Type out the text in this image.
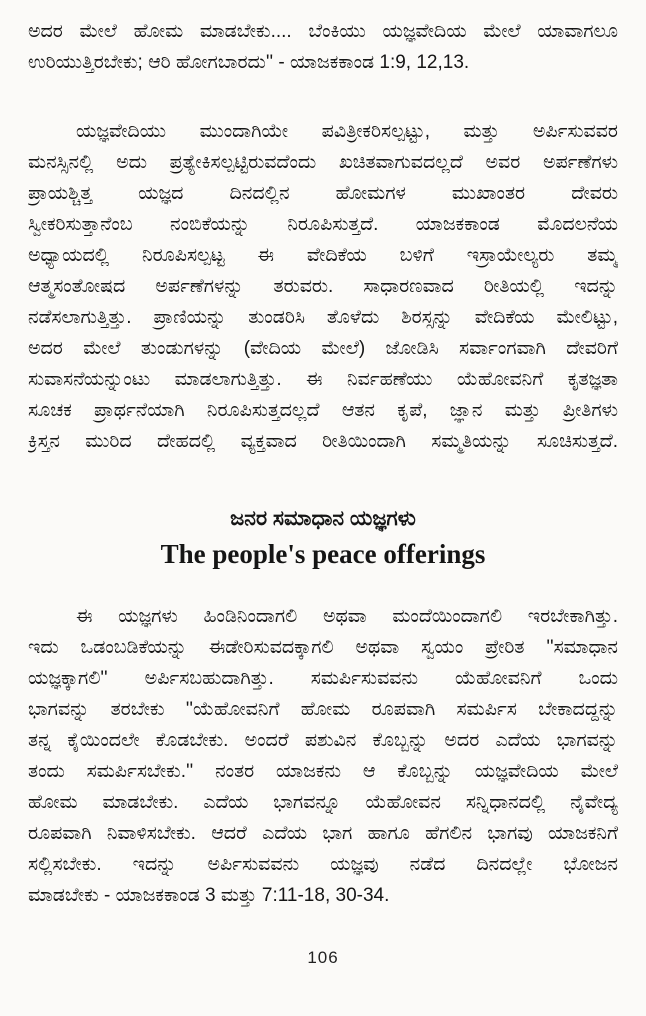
ಅದರ ಮೇಲೆ ಹೋಮ ಮಾಡಬೇಕು.... ಬೆಂಕಿಯು ಯಜ್ಞವೇದಿಯ ಮೇಲೆ ಯಾವಾಗಲೂ
ಉರಿಯುತ್ತಿರಬೇಕು; ಆರಿ ಹೋಗಬಾರದು'' - ಯಾಜಕಕಾಂಡ 1:9, 12,13.
ಯಜ್ಞವೇದಿಯು ಮುಂದಾಗಿಯೇ ಪವಿತ್ರೀಕರಿಸಲ್ಪಟ್ಟು, ಮತ್ತು ಅರ್ಪಿಸುವವರ
ಮನಸ್ಸಿನಲ್ಲಿ ಅದು ಪ್ರತ್ಯೇಕಿಸಲ್ಪಟ್ಟಿರುವದೆಂದು ಖಚಿತವಾಗುವದಲ್ಲದೆ ಅವರ ಅರ್ಪಣೆಗಳು
ಪ್ರಾಯಶ್ಚಿತ್ತ ಯಜ್ಞದ ದಿನದಲ್ಲಿನ ಹೋಮಗಳ ಮುಖಾಂತರ ದೇವರು
ಸ್ವೀಕರಿಸುತ್ತಾನೆಂಬ ನಂಬಿಕೆಯನ್ನು ನಿರೂಪಿಸುತ್ತದೆ. ಯಾಜಕಕಾಂಡ ಮೊದಲನೆಯ
ಅಧ್ಯಾಯದಲ್ಲಿ ನಿರೂಪಿಸಲ್ಪಟ್ಟ ಈ ವೇದಿಕೆಯ ಬಳಿಗೆ ಇಸ್ರಾಯೇಲ್ಯರು ತಮ್ಮ
ಆತ್ಮಸಂತೋಷದ ಅರ್ಪಣೆಗಳನ್ನು ತರುವರು. ಸಾಧಾರಣವಾದ ರೀತಿಯಲ್ಲಿ ಇದನ್ನು
ನಡೆಸಲಾಗುತ್ತಿತ್ತು. ಪ್ರಾಣಿಯನ್ನು ತುಂಡರಿಸಿ ತೊಳೆದು ಶಿರಸ್ಸನ್ನು ವೇದಿಕೆಯ ಮೇಲಿಟ್ಟು,
ಅದರ ಮೇಲೆ ತುಂಡುಗಳನ್ನು (ವೇದಿಯ ಮೇಲೆ) ಜೋಡಿಸಿ ಸರ್ವಾಂಗವಾಗಿ ದೇವರಿಗೆ
ಸುವಾಸನೆಯನ್ನುಂಟು ಮಾಡಲಾಗುತ್ತಿತ್ತು. ಈ ನಿರ್ವಹಣೆಯು ಯೆಹೋವನಿಗೆ ಕೃತಜ್ಞತಾ
ಸೂಚಕ ಪ್ರಾರ್ಥನೆಯಾಗಿ ನಿರೂಪಿಸುತ್ತದಲ್ಲದೆ ಆತನ ಕೃಪೆ, ಜ್ಞಾನ ಮತ್ತು ಪ್ರೀತಿಗಳು
ಕ್ರಿಸ್ತನ ಮುರಿದ ದೇಹದಲ್ಲಿ ವ್ಯಕ್ತವಾದ ರೀತಿಯಿಂದಾಗಿ ಸಮ್ಮತಿಯನ್ನು ಸೂಚಿಸುತ್ತದೆ.
ಜನರ ಸಮಾಧಾನ ಯಜ್ಞಗಳು
The people's peace offerings
ಈ ಯಜ್ಞಗಳು ಹಿಂಡಿನಿಂದಾಗಲಿ ಅಥವಾ ಮಂದೆಯಿಂದಾಗಲಿ ಇರಬೇಕಾಗಿತ್ತು.
ಇದು ಒಡಂಬಡಿಕೆಯನ್ನು ಈಡೇರಿಸುವದಕ್ಕಾಗಲಿ ಅಥವಾ ಸ್ವಯಂ ಪ್ರೇರಿತ ''ಸಮಾಧಾನ
ಯಜ್ಞಕ್ಕಾಗಲಿ'' ಅರ್ಪಿಸಬಹುದಾಗಿತ್ತು. ಸಮರ್ಪಿಸುವವನು ಯೆಹೋವನಿಗೆ ಒಂದು
ಭಾಗವನ್ನು ತರಬೇಕು ''ಯೆಹೋವನಿಗೆ ಹೋಮ ರೂಪವಾಗಿ ಸಮರ್ಪಿಸ ಬೇಕಾದದ್ದನ್ನು
ತನ್ನ ಕೈಯಿಂದಲೇ ಕೊಡಬೇಕು. ಅಂದರೆ ಪಶುವಿನ ಕೊಬ್ಬನ್ನು ಅದರ ಎದೆಯ ಭಾಗವನ್ನು
ತಂದು ಸಮರ್ಪಿಸಬೇಕು.'' ನಂತರ ಯಾಜಕನು ಆ ಕೊಬ್ಬನ್ನು ಯಜ್ಞವೇದಿಯ ಮೇಲೆ
ಹೋಮ ಮಾಡಬೇಕು. ಎದೆಯ ಭಾಗವನ್ನೂ ಯೆಹೋವನ ಸನ್ನಿಧಾನದಲ್ಲಿ ನೈವೇದ್ಯ
ರೂಪವಾಗಿ ನಿವಾಳಿಸಬೇಕು. ಆದರೆ ಎದೆಯ ಭಾಗ ಹಾಗೂ ಹೆಗಲಿನ ಭಾಗವು ಯಾಜಕನಿಗೆ
ಸಲ್ಲಿಸಬೇಕು. ಇದನ್ನು ಅರ್ಪಿಸುವವನು ಯಜ್ಞವು ನಡೆದ ದಿನದಲ್ಲೇ ಭೋಜನ
ಮಾಡಬೇಕು - ಯಾಜಕಕಾಂಡ 3 ಮತ್ತು 7:11-18, 30-34.
106
